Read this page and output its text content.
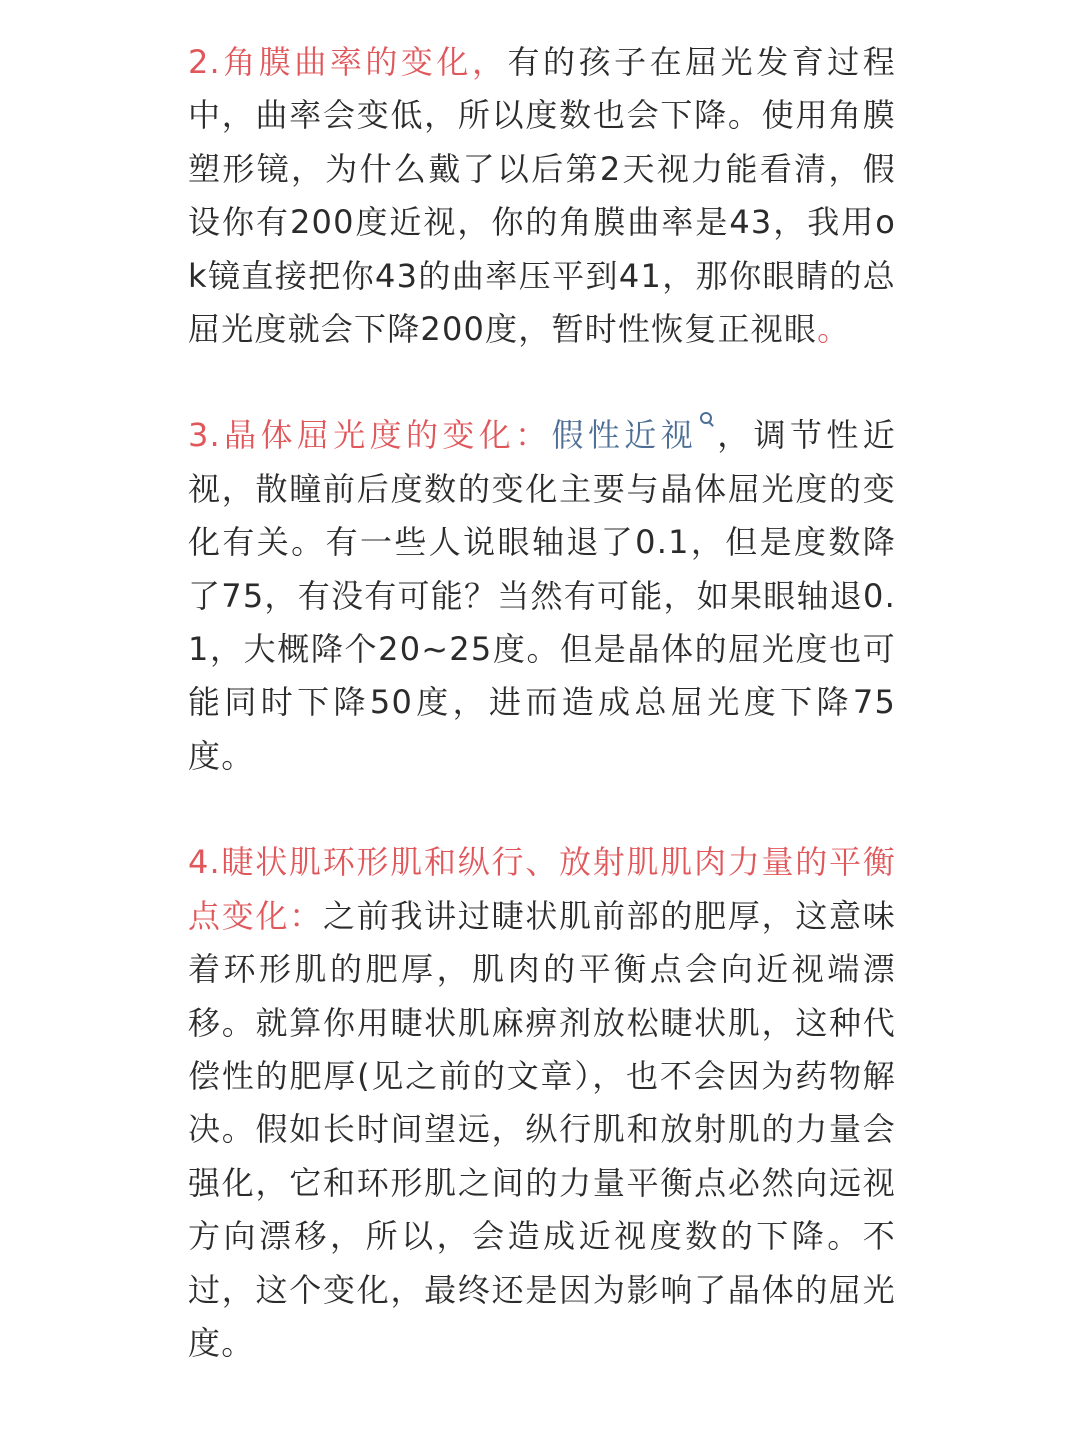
2.角膜曲率的变化，有的孩子在屈光发育过程中，曲率会变低，所以度数也会下降。使用角膜塑形镜，为什么戴了以后第2天视力能看清，假设你有200度近视，你的角膜曲率是43，我用ok镜直接把你43的曲率压平到41，那你眼睛的总屈光度就会下降200度，暂时性恢复正视眼。

3.晶体屈光度的变化：假性近视 ，调节性近视，散瞳前后度数的变化主要与晶体屈光度的变化有关。有一些人说眼轴退了0.1，但是度数降了75，有没有可能？当然有可能，如果眼轴退0.1，大概降个20~25度。但是晶体的屈光度也可能同时下降50度，进而造成总屈光度下降75度。

4.睫状肌环形肌和纵行、放射肌肌肉力量的平衡点变化：之前我讲过睫状肌前部的肥厚，这意味着环形肌的肥厚，肌肉的平衡点会向近视端漂移。就算你用睫状肌麻痹剂放松睫状肌，这种代偿性的肥厚(见之前的文章），也不会因为药物解决。假如长时间望远，纵行肌和放射肌的力量会强化，它和环形肌之间的力量平衡点必然向远视方向漂移，所以，会造成近视度数的下降。不过，这个变化，最终还是因为影响了晶体的屈光度。
